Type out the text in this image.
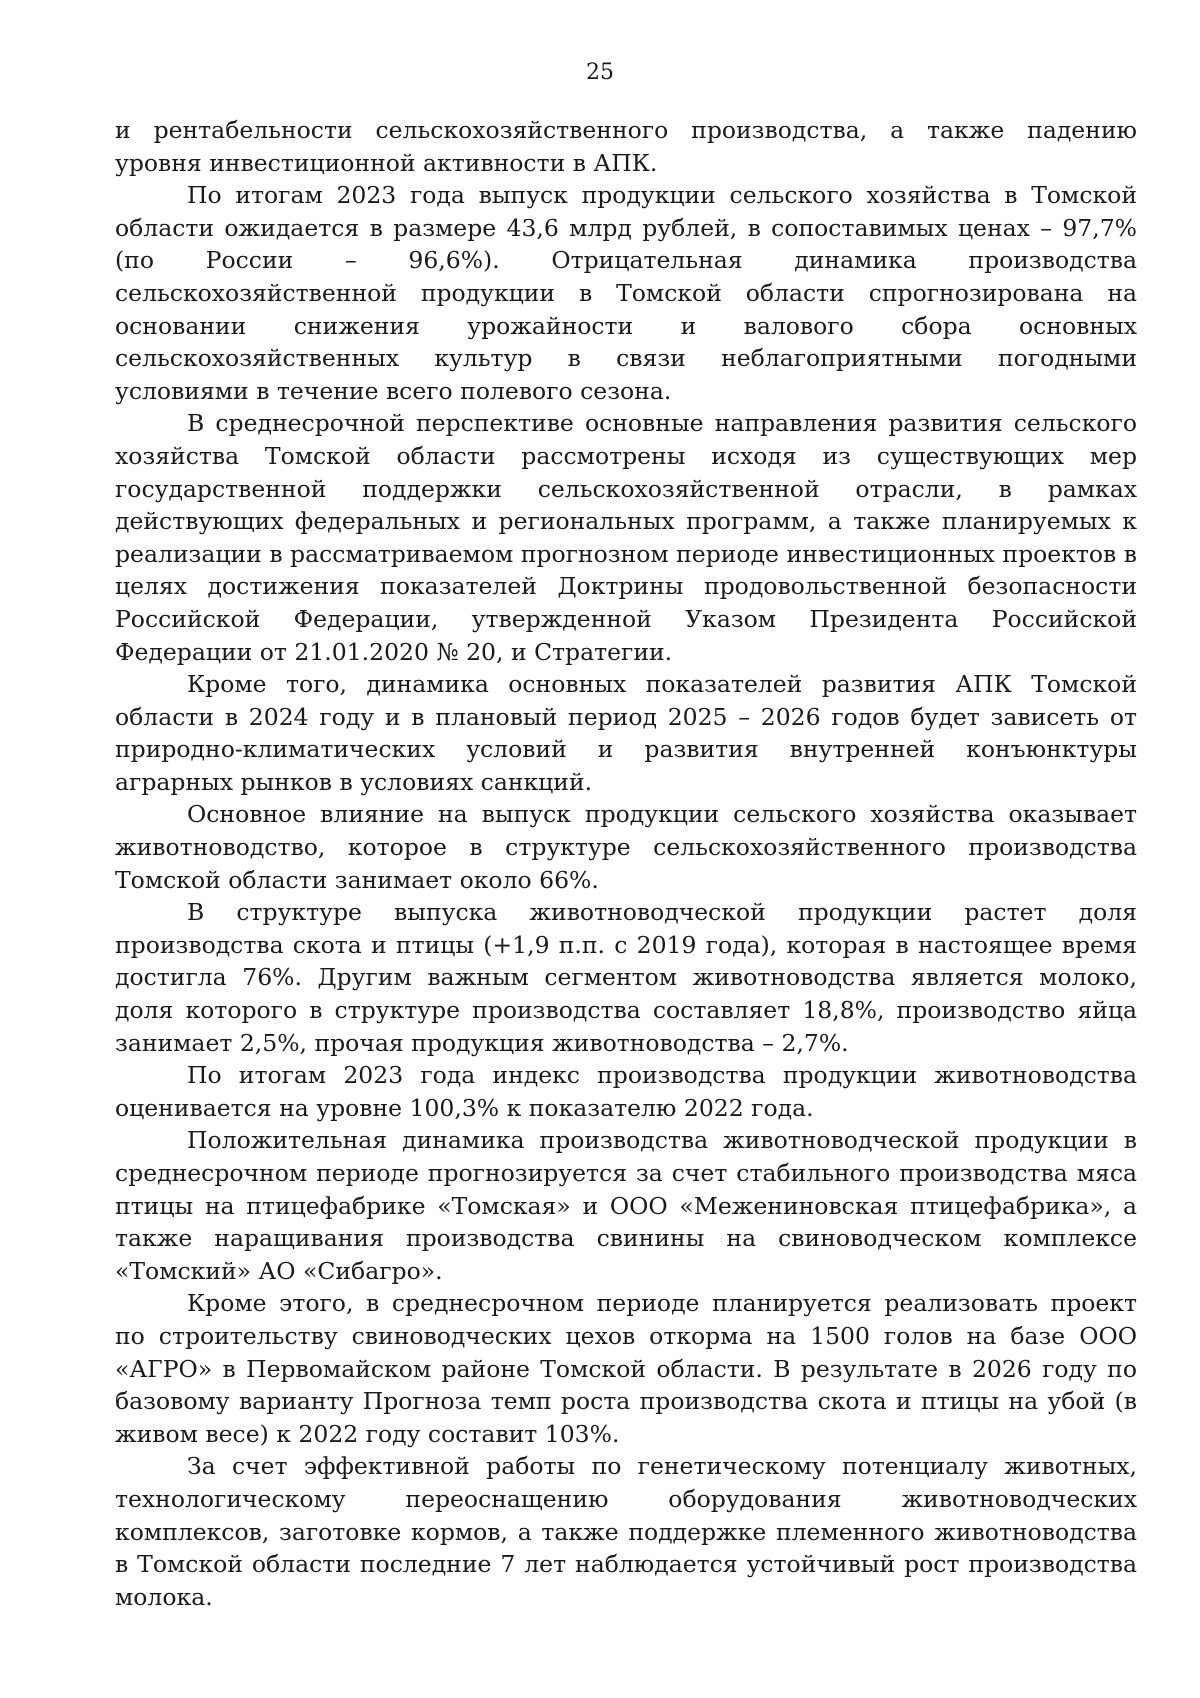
25

и рентабельности сельскохозяйственного производства, а также падению уровня инвестиционной активности в АПК.

По итогам 2023 года выпуск продукции сельского хозяйства в Томской области ожидается в размере 43,6 млрд рублей, в сопоставимых ценах – 97,7% (по России – 96,6%). Отрицательная динамика производства сельскохозяйственной продукции в Томской области спрогнозирована на основании снижения урожайности и валового сбора основных сельскохозяйственных культур в связи неблагоприятными погодными условиями в течение всего полевого сезона.

В среднесрочной перспективе основные направления развития сельского хозяйства Томской области рассмотрены исходя из существующих мер государственной поддержки сельскохозяйственной отрасли, в рамках действующих федеральных и региональных программ, а также планируемых к реализации в рассматриваемом прогнозном периоде инвестиционных проектов в целях достижения показателей Доктрины продовольственной безопасности Российской Федерации, утвержденной Указом Президента Российской Федерации от 21.01.2020 № 20, и Стратегии.

Кроме того, динамика основных показателей развития АПК Томской области в 2024 году и в плановый период 2025 – 2026 годов будет зависеть от природно-климатических условий и развития внутренней конъюнктуры аграрных рынков в условиях санкций.

Основное влияние на выпуск продукции сельского хозяйства оказывает животноводство, которое в структуре сельскохозяйственного производства Томской области занимает около 66%.

В структуре выпуска животноводческой продукции растет доля производства скота и птицы (+1,9 п.п. с 2019 года), которая в настоящее время достигла 76%. Другим важным сегментом животноводства является молоко, доля которого в структуре производства составляет 18,8%, производство яйца занимает 2,5%, прочая продукция животноводства – 2,7%.

По итогам 2023 года индекс производства продукции животноводства оценивается на уровне 100,3% к показателю 2022 года.

Положительная динамика производства животноводческой продукции в среднесрочном периоде прогнозируется за счет стабильного производства мяса птицы на птицефабрике «Томская» и ООО «Межениновская птицефабрика», а также наращивания производства свинины на свиноводческом комплексе «Томский» АО «Сибагро».

Кроме этого, в среднесрочном периоде планируется реализовать проект по строительству свиноводческих цехов откорма на 1500 голов на базе ООО «АГРО» в Первомайском районе Томской области. В результате в 2026 году по базовому варианту Прогноза темп роста производства скота и птицы на убой (в живом весе) к 2022 году составит 103%.

За счет эффективной работы по генетическому потенциалу животных, технологическому переоснащению оборудования животноводческих комплексов, заготовке кормов, а также поддержке племенного животноводства в Томской области последние 7 лет наблюдается устойчивый рост производства молока.
